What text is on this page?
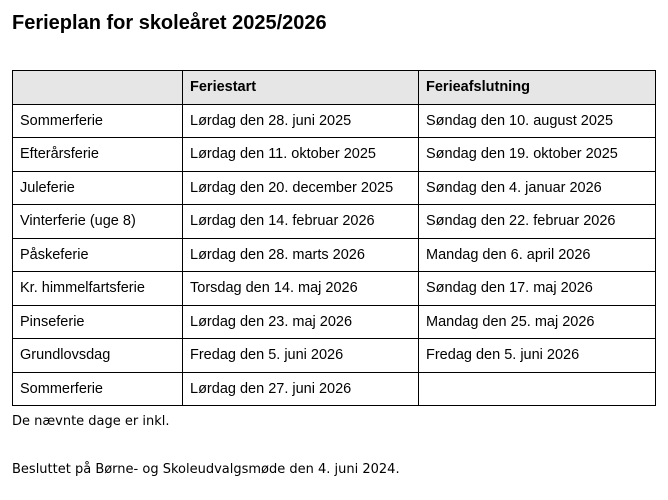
Ferieplan for skoleåret 2025/2026
	Feriestart	Ferieafslutning
Sommerferie	Lørdag den 28. juni 2025	Søndag den 10. august 2025
Efterårsferie	Lørdag den 11. oktober 2025	Søndag den 19. oktober 2025
Juleferie	Lørdag den 20. december 2025	Søndag den 4. januar 2026
Vinterferie (uge 8)	Lørdag den 14. februar 2026	Søndag den 22. februar 2026
Påskeferie	Lørdag den 28. marts 2026	Mandag den 6. april 2026
Kr. himmelfartsferie	Torsdag den 14. maj 2026	Søndag den 17. maj 2026
Pinseferie	Lørdag den 23. maj 2026	Mandag den 25. maj 2026
Grundlovsdag	Fredag den 5. juni 2026	Fredag den 5. juni 2026
Sommerferie	Lørdag den 27. juni 2026	

De nævnte dage er inkl.

Besluttet på Børne- og Skoleudvalgsmøde den 4. juni 2024.
